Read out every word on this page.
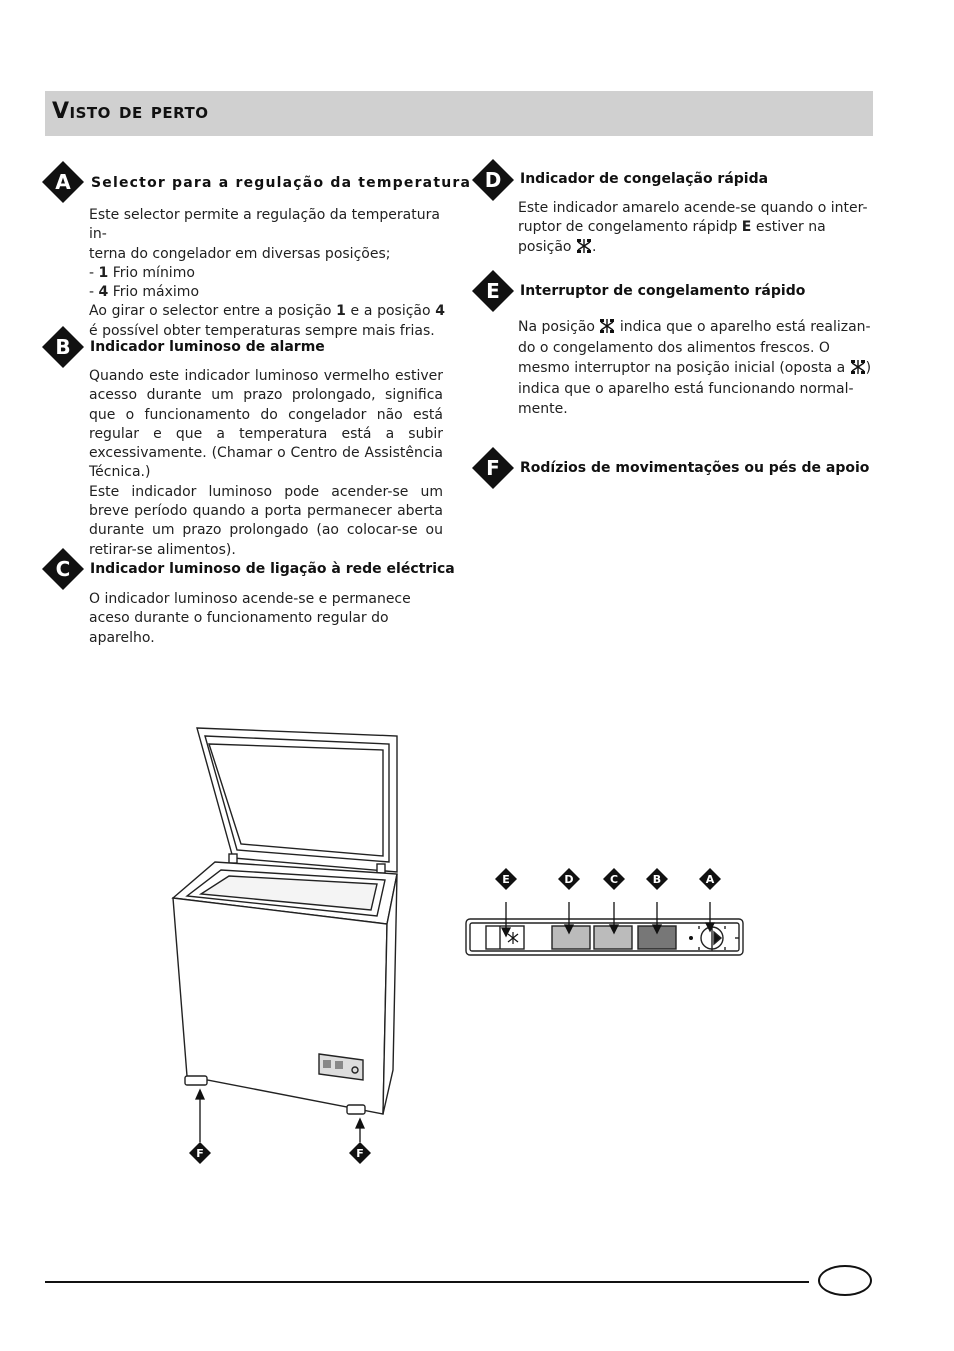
Visto de perto
A Selector para a regulação da temperatura

Este selector permite a regulação da temperatura in-

terna do congelador em diversas posições;

- 1 Frio mínimo

- 4 Frio máximo

Ao girar o selector entre a posição 1 e a posição 4 é possível obter temperaturas sempre mais frias.

B Indicador luminoso de alarme

Quando este indicador luminoso vermelho estiver acesso durante um prazo prolongado, significa que o funcionamento do congelador não está regular e que a temperatura está a subir excessivamente. (Chamar o Centro de Assistência Técnica.)

Este indicador luminoso pode acender-se um breve período quando a porta permanecer aberta durante um prazo prolongado (ao colocar-se ou retirar-se alimentos).

C Indicador luminoso de ligação à rede eléctrica

O indicador luminoso acende-se e permanece aceso durante o funcionamento regular do aparelho.

D Indicador de congelação rápida

Este indicador amarelo acende-se quando o inter- ruptor de congelamento rápidp E estiver na posição .

E Interruptor de congelamento rápido

Na posição  indica que o aparelho está realizan- do o congelamento dos alimentos frescos. O mesmo interruptor na posição inicial (oposta a ) indica que o aparelho está funcionando normal- mente.

F Rodízios de movimentações ou pés de apoio
F	F
E	D	C	B	A
